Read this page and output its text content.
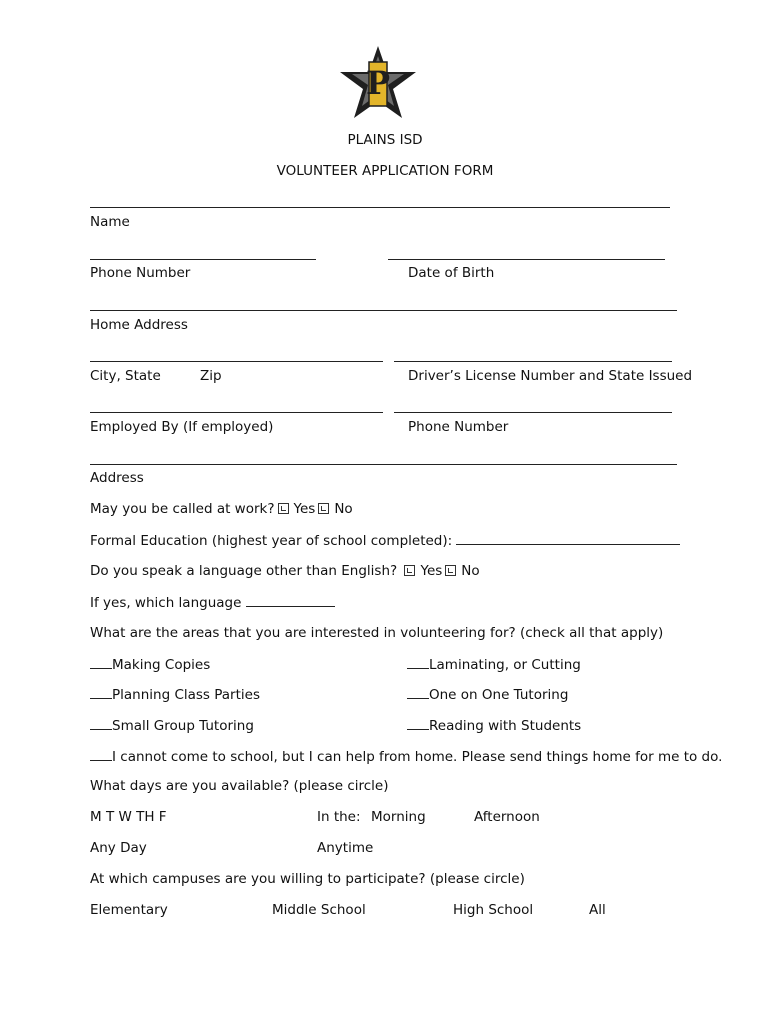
P
PLAINS ISD
VOLUNTEER APPLICATION FORM
Name
Phone Number	Date of Birth
Home Address
City, State	Zip	Driver’s License Number and State Issued
Employed By (If employed)	Phone Number
Address
May you be called at work? Yes No
Formal Education (highest year of school completed):
Do you speak a language other than English? Yes No
If yes, which language
What are the areas that you are interested in volunteering for? (check all that apply)
Making Copies	Laminating, or Cutting
Planning Class Parties	One on One Tutoring
Small Group Tutoring	Reading with Students
I cannot come to school, but I can help from home. Please send things home for me to do.
What days are you available? (please circle)
M T W TH F	In the: Morning	Afternoon
Any Day	Anytime
At which campuses are you willing to participate? (please circle)
Elementary	Middle School	High School	All
